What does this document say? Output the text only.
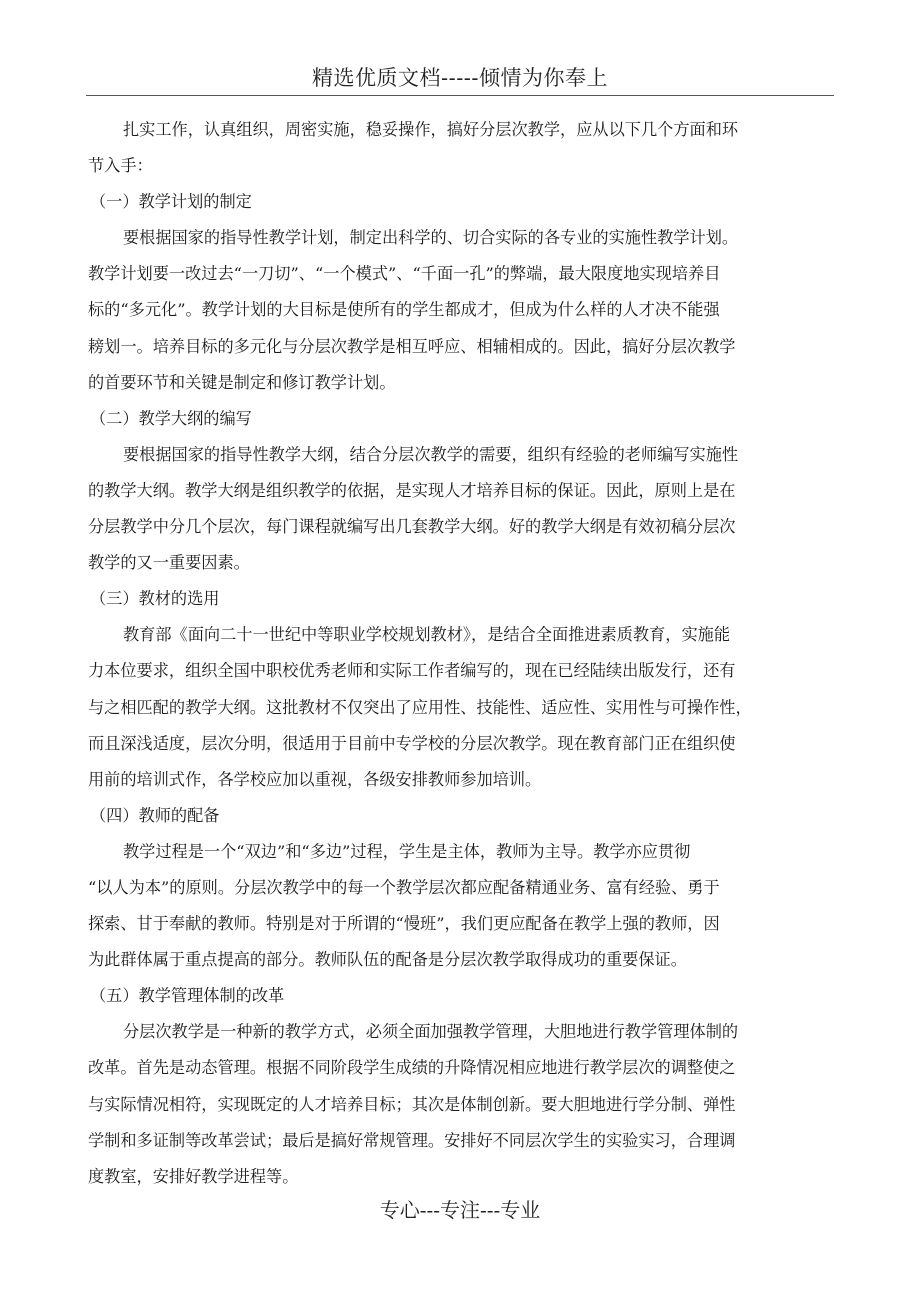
精选优质文档-----倾情为你奉上
扎实工作，认真组织，周密实施，稳妥操作，搞好分层次教学，应从以下几个方面和环
节入手：
（一）教学计划的制定
要根据国家的指导性教学计划，制定出科学的、切合实际的各专业的实施性教学计划。
教学计划要一改过去“一刀切”、“一个模式”、“千面一孔”的弊端，最大限度地实现培养目
标的“多元化”。教学计划的大目标是使所有的学生都成才，但成为什么样的人才决不能强
耪划一。培养目标的多元化与分层次教学是相互呼应、相辅相成的。因此，搞好分层次教学
的首要环节和关键是制定和修订教学计划。
（二）教学大纲的编写
要根据国家的指导性教学大纲，结合分层次教学的需要，组织有经验的老师编写实施性
的教学大纲。教学大纲是组织教学的依据，是实现人才培养目标的保证。因此，原则上是在
分层教学中分几个层次，每门课程就编写出几套教学大纲。好的教学大纲是有效初稿分层次
教学的又一重要因素。
（三）教材的选用
教育部《面向二十一世纪中等职业学校规划教材》，是结合全面推进素质教育，实施能
力本位要求，组织全国中职校优秀老师和实际工作者编写的，现在已经陆续出版发行，还有
与之相匹配的教学大纲。这批教材不仅突出了应用性、技能性、适应性、实用性与可操作性，
而且深浅适度，层次分明，很适用于目前中专学校的分层次教学。现在教育部门正在组织使
用前的培训式作，各学校应加以重视，各级安排教师参加培训。
（四）教师的配备
教学过程是一个“双边”和“多边”过程，学生是主体，教师为主导。教学亦应贯彻
“以人为本”的原则。分层次教学中的每一个教学层次都应配备精通业务、富有经验、勇于
探索、甘于奉献的教师。特别是对于所谓的“慢班”，我们更应配备在教学上强的教师，因
为此群体属于重点提高的部分。教师队伍的配备是分层次教学取得成功的重要保证。
（五）教学管理体制的改革
分层次教学是一种新的教学方式，必须全面加强教学管理，大胆地进行教学管理体制的
改革。首先是动态管理。根据不同阶段学生成绩的升降情况相应地进行教学层次的调整使之
与实际情况相符，实现既定的人才培养目标；其次是体制创新。要大胆地进行学分制、弹性
学制和多证制等改革尝试；最后是搞好常规管理。安排好不同层次学生的实验实习，合理调
度教室，安排好教学进程等。
专心---专注---专业
